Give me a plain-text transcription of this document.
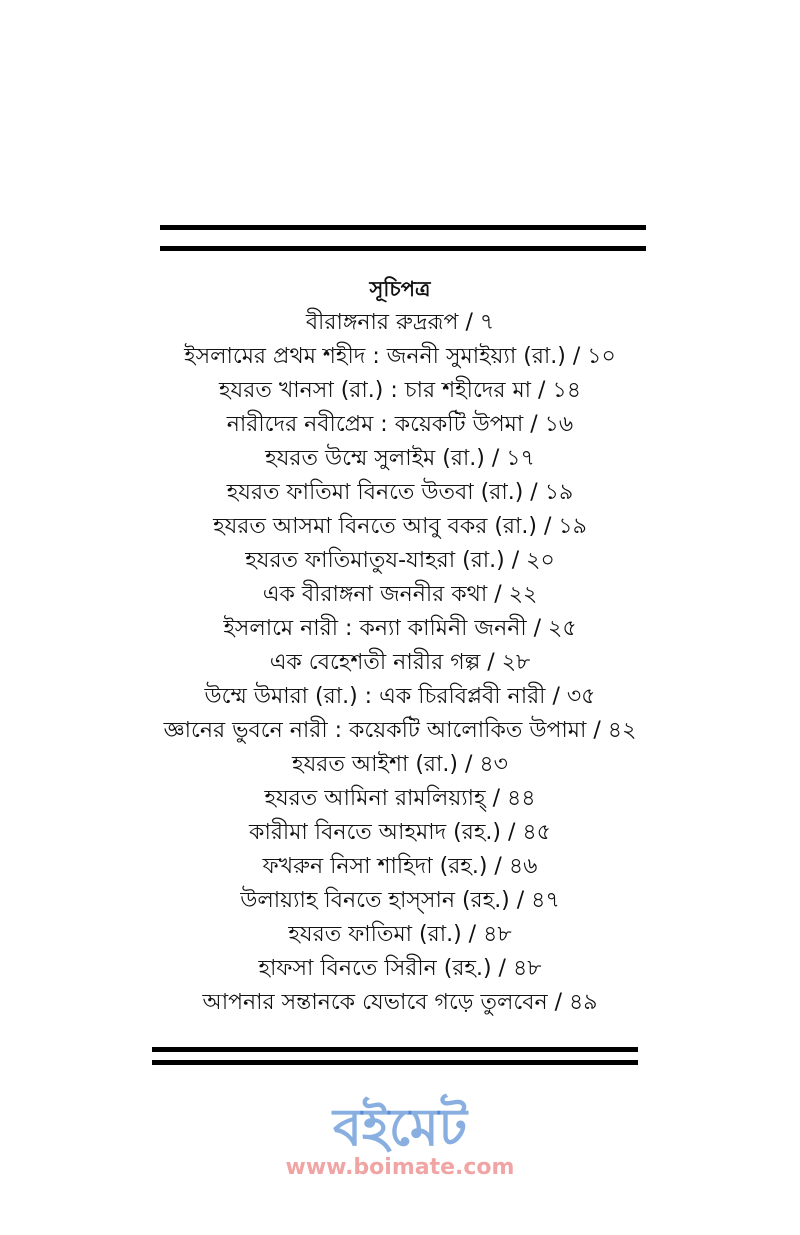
সূচিপত্র
বীরাঙ্গনার রুদ্ররূপ / ৭
ইসলামের প্রথম শহীদ : জননী সুমাইয়্যা (রা.) / ১০
হযরত খানসা (রা.) : চার শহীদের মা / ১৪
নারীদের নবীপ্রেম : কয়েকটি উপমা / ১৬
হযরত উম্মে সুলাইম (রা.) / ১৭
হযরত ফাতিমা বিনতে উতবা (রা.) / ১৯
হযরত আসমা বিনতে আবু বকর (রা.) / ১৯
হযরত ফাতিমাতুয-যাহরা (রা.) / ২০
এক বীরাঙ্গনা জননীর কথা / ২২
ইসলামে নারী : কন্যা কামিনী জননী / ২৫
এক বেহেশতী নারীর গল্প / ২৮
উম্মে উমারা (রা.) : এক চিরবিপ্লবী নারী / ৩৫
জ্ঞানের ভুবনে নারী : কয়েকটি আলোকিত উপামা / ৪২
হযরত আইশা (রা.) / ৪৩
হযরত আমিনা রামলিয়্যাহ্ / ৪৪
কারীমা বিনতে আহমাদ (রহ.) / ৪৫
ফখরুন নিসা শাহিদা (রহ.) / ৪৬
উলায়্যাহ বিনতে হাস্‌সান (রহ.) / ৪৭
হযরত ফাতিমা (রা.) / ৪৮
হাফসা বিনতে সিরীন (রহ.) / ৪৮
আপনার সন্তানকে যেভাবে গড়ে তুলবেন / ৪৯
বইমেট
www.boimate.com
